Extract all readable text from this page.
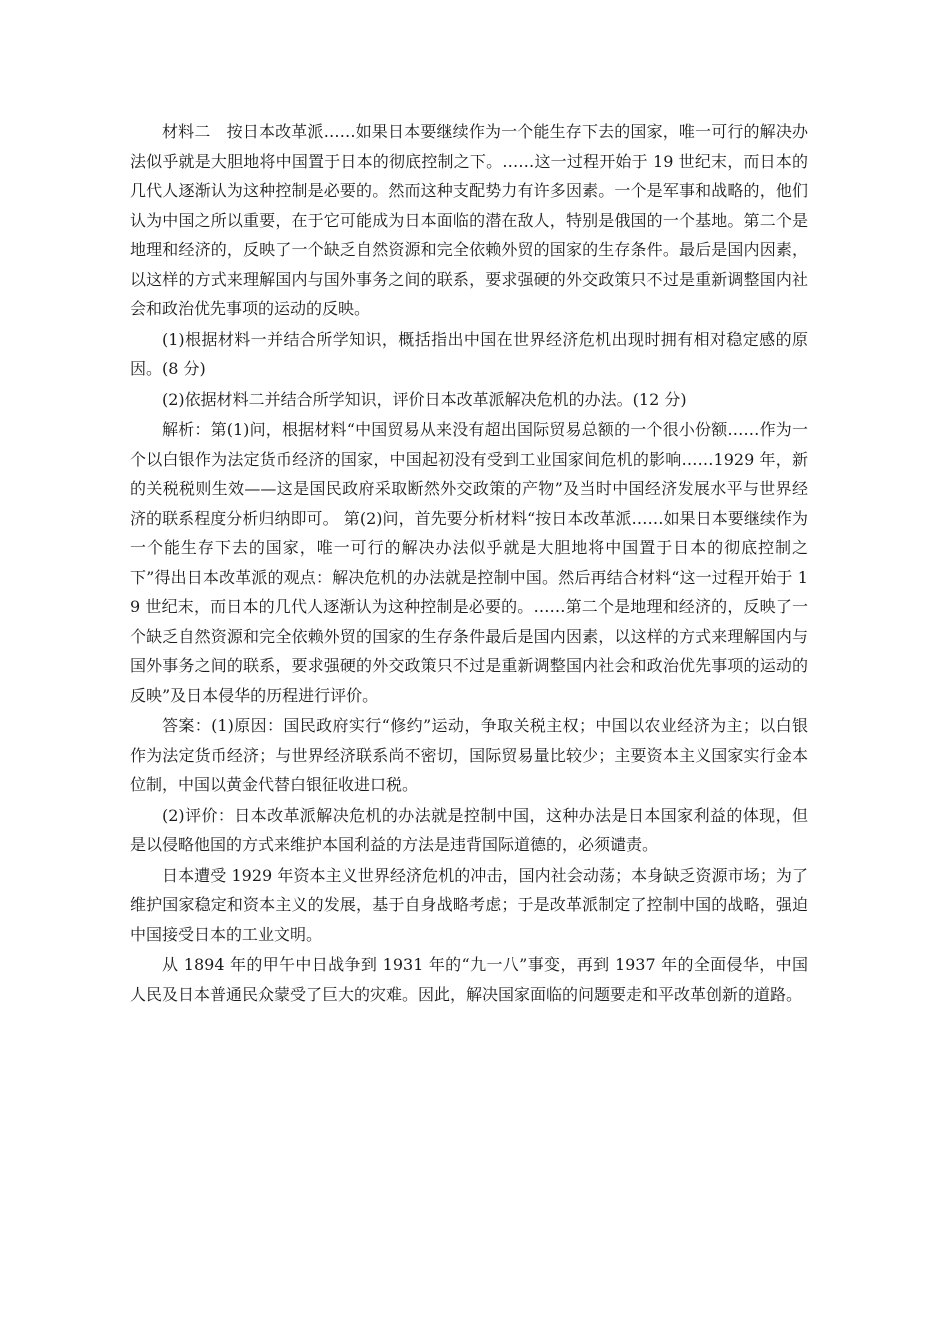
材料二　按日本改革派……如果日本要继续作为一个能生存下去的国家，唯一可行的解决办法似乎就是大胆地将中国置于日本的彻底控制之下。……这一过程开始于 19 世纪末，而日本的几代人逐渐认为这种控制是必要的。然而这种支配势力有许多因素。一个是军事和战略的，他们认为中国之所以重要，在于它可能成为日本面临的潜在敌人，特别是俄国的一个基地。第二个是地理和经济的，反映了一个缺乏自然资源和完全依赖外贸的国家的生存条件。最后是国内因素，以这样的方式来理解国内与国外事务之间的联系，要求强硬的外交政策只不过是重新调整国内社会和政治优先事项的运动的反映。

(1)根据材料一并结合所学知识，概括指出中国在世界经济危机出现时拥有相对稳定感的原因。(8 分)

(2)依据材料二并结合所学知识，评价日本改革派解决危机的办法。(12 分)

解析：第(1)问，根据材料“中国贸易从来没有超出国际贸易总额的一个很小份额……作为一个以白银作为法定货币经济的国家，中国起初没有受到工业国家间危机的影响……1929 年，新的关税税则生效——这是国民政府采取断然外交政策的产物”及当时中国经济发展水平与世界经济的联系程度分析归纳即可。 第(2)问，首先要分析材料“按日本改革派……如果日本要继续作为一个能生存下去的国家，唯一可行的解决办法似乎就是大胆地将中国置于日本的彻底控制之下”得出日本改革派的观点：解决危机的办法就是控制中国。然后再结合材料“这一过程开始于 19 世纪末，而日本的几代人逐渐认为这种控制是必要的。……第二个是地理和经济的，反映了一个缺乏自然资源和完全依赖外贸的国家的生存条件最后是国内因素，以这样的方式来理解国内与国外事务之间的联系，要求强硬的外交政策只不过是重新调整国内社会和政治优先事项的运动的反映”及日本侵华的历程进行评价。

答案：(1)原因：国民政府实行“修约”运动，争取关税主权；中国以农业经济为主；以白银作为法定货币经济；与世界经济联系尚不密切，国际贸易量比较少；主要资本主义国家实行金本位制，中国以黄金代替白银征收进口税。

(2)评价：日本改革派解决危机的办法就是控制中国，这种办法是日本国家利益的体现，但是以侵略他国的方式来维护本国利益的方法是违背国际道德的，必须谴责。

日本遭受 1929 年资本主义世界经济危机的冲击，国内社会动荡；本身缺乏资源市场；为了维护国家稳定和资本主义的发展，基于自身战略考虑；于是改革派制定了控制中国的战略，强迫中国接受日本的工业文明。

从 1894 年的甲午中日战争到 1931 年的“九一八”事变，再到 1937 年的全面侵华，中国人民及日本普通民众蒙受了巨大的灾难。因此，解决国家面临的问题要走和平改革创新的道路。
